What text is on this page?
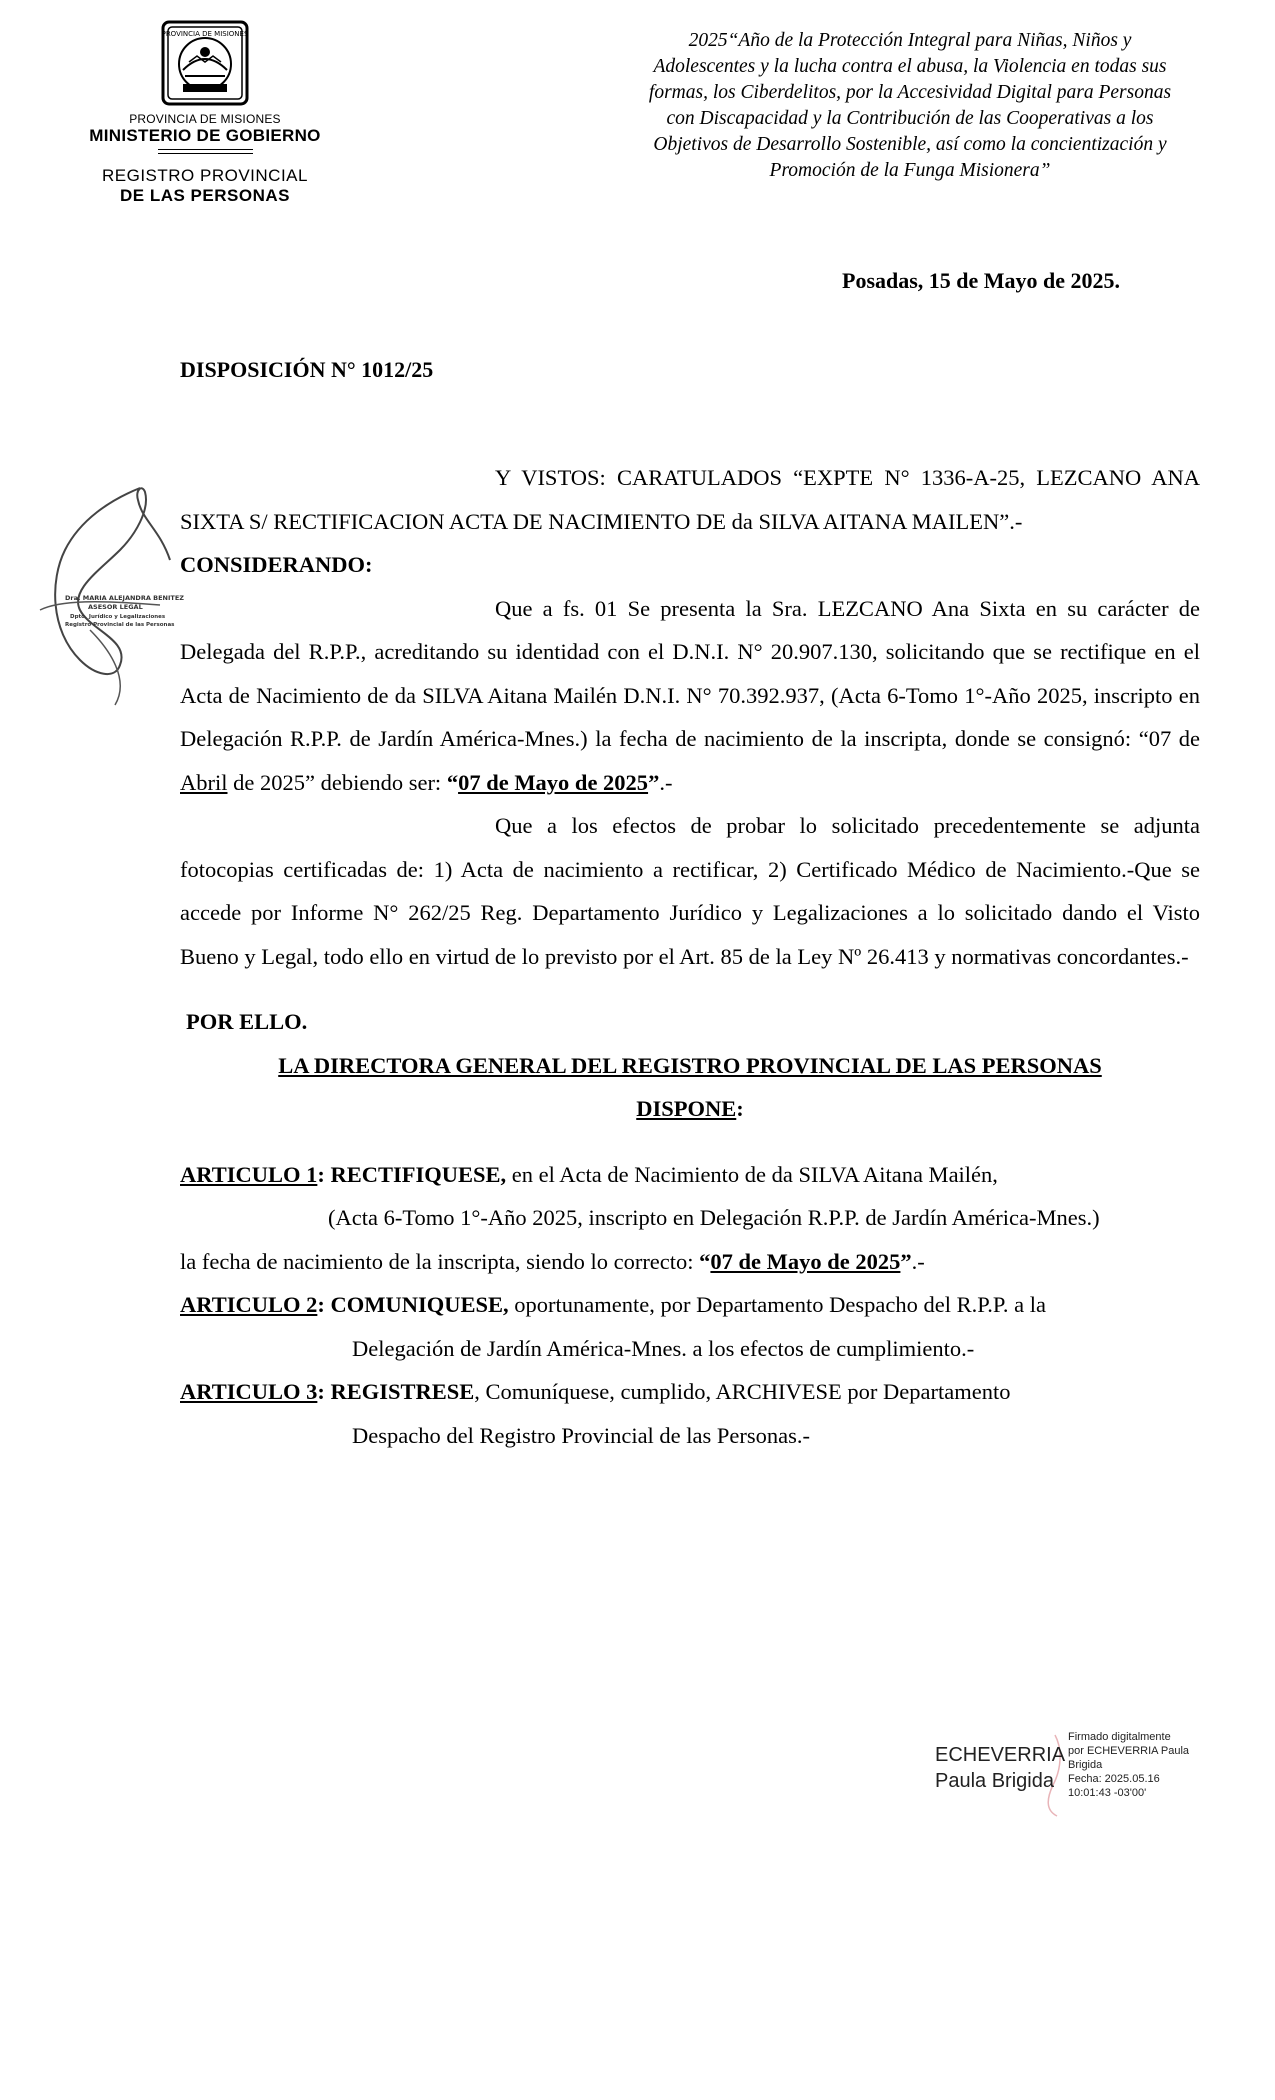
PROVINCIA DE MISIONES
PROVINCIA DE MISIONES
MINISTERIO DE GOBIERNO
REGISTRO PROVINCIAL
DE LAS PERSONAS
2025“Año de la Protección Integral para Niñas, Niños y
Adolescentes y la lucha contra el abusa, la Violencia en todas sus
formas, los Ciberdelitos, por la Accesividad Digital para Personas
con Discapacidad y la Contribución de las Cooperativas a los
Objetivos de Desarrollo Sostenible, así como la concientización y
Promoción de la Funga Misionera”
Posadas, 15 de Mayo de 2025.
DISPOSICIÓN N° 1012/25
Dra. MARIA ALEJANDRA BENITEZ
ASESOR LEGAL
Dpto. Jurídico y Legalizaciones
Registro Provincial de las Personas

Y VISTOS: CARATULADOS “EXPTE N° 1336-A-25, LEZCANO ANA SIXTA S/ RECTIFICACION ACTA DE NACIMIENTO DE da SILVA AITANA MAILEN”.-

CONSIDERANDO:

Que a fs. 01 Se presenta la Sra. LEZCANO Ana Sixta en su carácter de Delegada del R.P.P., acreditando su identidad con el D.N.I. N° 20.907.130, solicitando que se rectifique en el Acta de Nacimiento de da SILVA Aitana Mailén D.N.I. N° 70.392.937, (Acta 6-Tomo 1°-Año 2025, inscripto en Delegación R.P.P. de Jardín América-Mnes.) la fecha de nacimiento de la inscripta, donde se consignó: “07 de Abril de 2025” debiendo ser: “07 de Mayo de 2025”.-

Que a los efectos de probar lo solicitado precedentemente se adjunta fotocopias certificadas de: 1) Acta de nacimiento a rectificar, 2) Certificado Médico de Nacimiento.-Que se accede por Informe N° 262/25 Reg. Departamento Jurídico y Legalizaciones a lo solicitado dando el Visto Bueno y Legal, todo ello en virtud de lo previsto por el Art. 85 de la Ley Nº 26.413 y normativas concordantes.-

POR ELLO.

LA DIRECTORA GENERAL DEL REGISTRO PROVINCIAL DE LAS PERSONAS

DISPONE:

ARTICULO 1: RECTIFIQUESE, en el Acta de Nacimiento de da SILVA Aitana Mailén,

(Acta 6-Tomo 1°-Año 2025, inscripto en Delegación R.P.P. de Jardín América-Mnes.)

la fecha de nacimiento de la inscripta, siendo lo correcto: “07 de Mayo de 2025”.-

ARTICULO 2: COMUNIQUESE, oportunamente, por Departamento Despacho del R.P.P. a la

Delegación de Jardín América-Mnes. a los efectos de cumplimiento.-

ARTICULO 3: REGISTRESE, Comuníquese, cumplido, ARCHIVESE por Departamento

Despacho del Registro Provincial de las Personas.-

ECHEVERRIA
Paula Brigida
Firmado digitalmente
por ECHEVERRIA Paula
Brigida
Fecha: 2025.05.16
10:01:43 -03'00'
